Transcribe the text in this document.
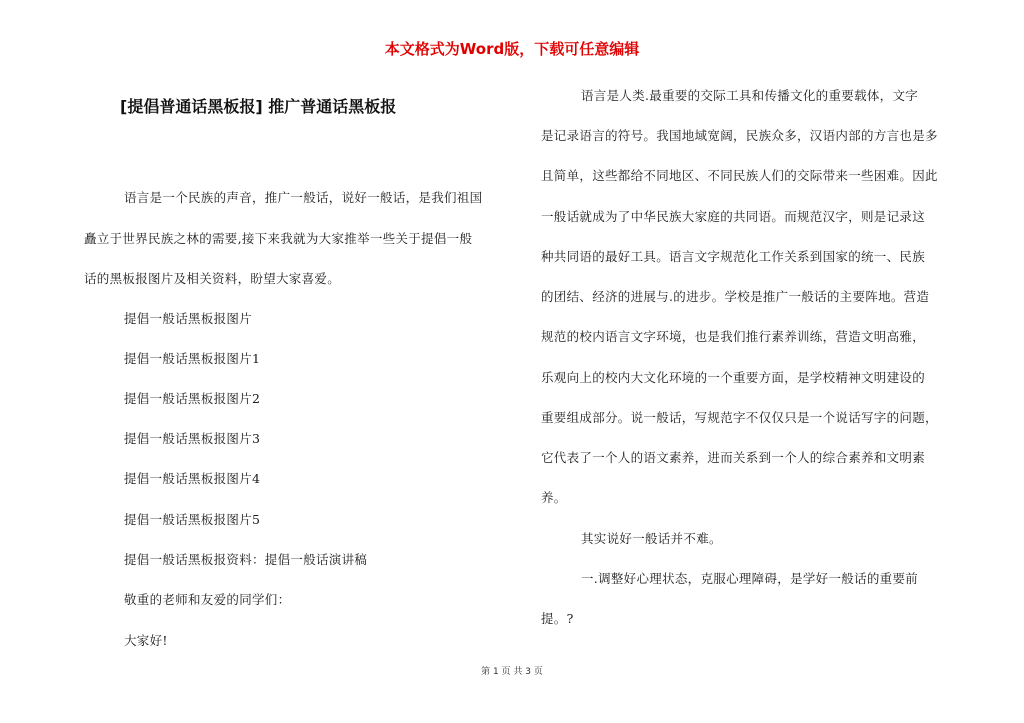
本文格式为Word版，下载可任意编辑
[提倡普通话黑板报] 推广普通话黑板报

语言是一个民族的声音，推广一般话，说好一般话，是我们祖国

矗立于世界民族之林的需要,接下来我就为大家推举一些关于提倡一般

话的黑板报图片及相关资料，盼望大家喜爱。

提倡一般话黑板报图片

提倡一般话黑板报图片1

提倡一般话黑板报图片2

提倡一般话黑板报图片3

提倡一般话黑板报图片4

提倡一般话黑板报图片5

提倡一般话黑板报资料：提倡一般话演讲稿

敬重的老师和友爱的同学们：

大家好!

语言是人类.最重要的交际工具和传播文化的重要载体，文字

是记录语言的符号。我国地域宽阔，民族众多，汉语内部的方言也是多

且简单，这些都给不同地区、不同民族人们的交际带来一些困难。因此

一般话就成为了中华民族大家庭的共同语。而规范汉字，则是记录这

种共同语的最好工具。语言文字规范化工作关系到国家的统一、民族

的团结、经济的进展与.的进步。学校是推广一般话的主要阵地。营造

规范的校内语言文字环境，也是我们推行素养训练，营造文明高雅，

乐观向上的校内大文化环境的一个重要方面，是学校精神文明建设的

重要组成部分。说一般话，写规范字不仅仅只是一个说话写字的问题，

它代表了一个人的语文素养，进而关系到一个人的综合素养和文明素

养。

其实说好一般话并不难。

一.调整好心理状态，克服心理障碍，是学好一般话的重要前

提。?

第 1 页 共 3 页
